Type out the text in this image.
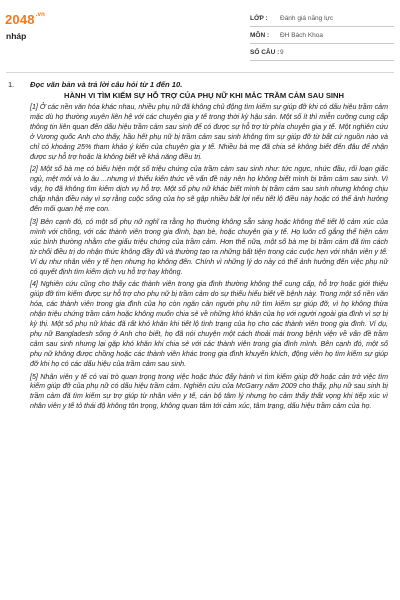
$2048^{.vn}$
nháp
LỚP :	Đánh giá năng lực
MÔN :	ĐH Bách Khoa
SỐ CÂU : 9
1. Đọc văn bản và trả lời câu hỏi từ 1 đến 10.

HÀNH VI TÌM KIẾM SỰ HỖ TRỢ CỦA PHỤ NỮ KHI MẮC TRẦM CẢM SAU SINH

[1] Ở các nền văn hóa khác nhau, nhiều phụ nữ đã không chủ động tìm kiếm sự giúp đỡ khi có dấu hiệu trầm cảm mặc dù họ thường xuyên liên hệ với các chuyên gia y tế trong thời kỳ hậu sản. Một số ít thì miễn cưỡng cung cấp thông tin liên quan đến dấu hiệu trầm cảm sau sinh để có được sự hỗ trợ từ phía chuyên gia y tế. Một nghiên cứu ở Vương quốc Anh cho thấy, hầu hết phụ nữ bị trầm cảm sau sinh không tìm sự giúp đỡ từ bất cứ nguồn nào và chỉ có khoảng 25% tham khảo ý kiến của chuyên gia y tế. Nhiều bà mẹ đã chia sẻ không biết đến đâu để nhận được sự hỗ trợ hoặc là không biết về khả năng điều trị.

[2] Một số bà mẹ có biểu hiện một số triệu chứng của trầm cảm sau sinh như: tức ngực, nhức đầu, rối loạn giấc ngủ, mệt mỏi và lo âu ...nhưng vì thiếu kiến thức về vấn đề này nên họ không biết mình bị trầm cảm sau sinh. Vì vậy, họ đã không tìm kiếm dịch vụ hỗ trợ. Một số phụ nữ khác biết mình bị trầm cảm sau sinh nhưng không chịu chấp nhận điều này vì sợ rằng cuộc sống của họ sẽ gặp nhiều bất lợi nếu tiết lộ điều này hoặc có thể ảnh hưởng đến mối quan hệ mẹ con.

[3] Bên cạnh đó, có một số phụ nữ nghĩ ra rằng họ thường không sẵn sàng hoặc không thể tiết lộ cảm xúc của mình với chồng, với các thành viên trong gia đình, bạn bè, hoặc chuyên gia y tế. Họ luôn cố gắng thể hiện cảm xúc bình thường nhằm che giấu triệu chứng của trầm cảm. Hơn thế nữa, một số bà mẹ bị trầm cảm đã tìm cách từ chối điều trị do nhận thức không đầy đủ và thường tạo ra những bất tiện trong các cuộc hẹn với nhân viên y tế. Ví dụ như nhân viên y tế hẹn nhưng họ không đến. Chính vì những lý do này có thể ảnh hưởng đến việc phụ nữ có quyết định tìm kiếm dịch vụ hỗ trợ hay không.

[4] Nghiên cứu cũng cho thấy các thành viên trong gia đình thường không thể cung cấp, hỗ trợ hoặc giới thiệu giúp đỡ tìm kiếm được sự hỗ trợ cho phụ nữ bị trầm cảm do sự thiếu hiểu biết về bệnh này. Trong một số nền văn hóa, các thành viên trong gia đình của họ còn ngăn cản người phụ nữ tìm kiếm sự giúp đỡ, vì họ không thừa nhận triệu chứng trầm cảm hoặc không muốn chia sẻ về những khó khăn của họ với người ngoài gia đình vì sợ bị kỳ thị. Một số phụ nữ khác đã rất khó khăn khi tiết lộ tình trạng của họ cho các thành viên trong gia đình. Ví dụ, phụ nữ Bangladesh sống ở Anh cho biết, họ đã nói chuyện một cách thoải mái trong bệnh viện về vấn đề trầm cảm sau sinh nhưng lại gặp khó khăn khi chia sẻ với các thành viên trong gia đình mình. Bên cạnh đó, một số phụ nữ không được chồng hoặc các thành viên khác trong gia đình khuyến khích, động viên họ tìm kiếm sự giúp đỡ khi họ có các dấu hiệu của trầm cảm sau sinh.

[5] Nhân viên y tế có vai trò quan trọng trong việc hoặc thúc đẩy hành vi tìm kiếm giúp đỡ hoặc cản trở việc tìm kiếm giúp đỡ của phụ nữ có dấu hiệu trầm cảm. Nghiên cứu của McGarry năm 2009 cho thấy, phụ nữ sau sinh bị trầm cảm đã tìm kiếm sự trợ giúp từ nhân viên y tế, cán bộ tâm lý nhưng họ cảm thấy thất vọng khi tiếp xúc vì nhân viên y tế tỏ thái độ không tôn trọng, không quan tâm tới cảm xúc, tâm trạng, dấu hiệu trầm cảm của họ.
